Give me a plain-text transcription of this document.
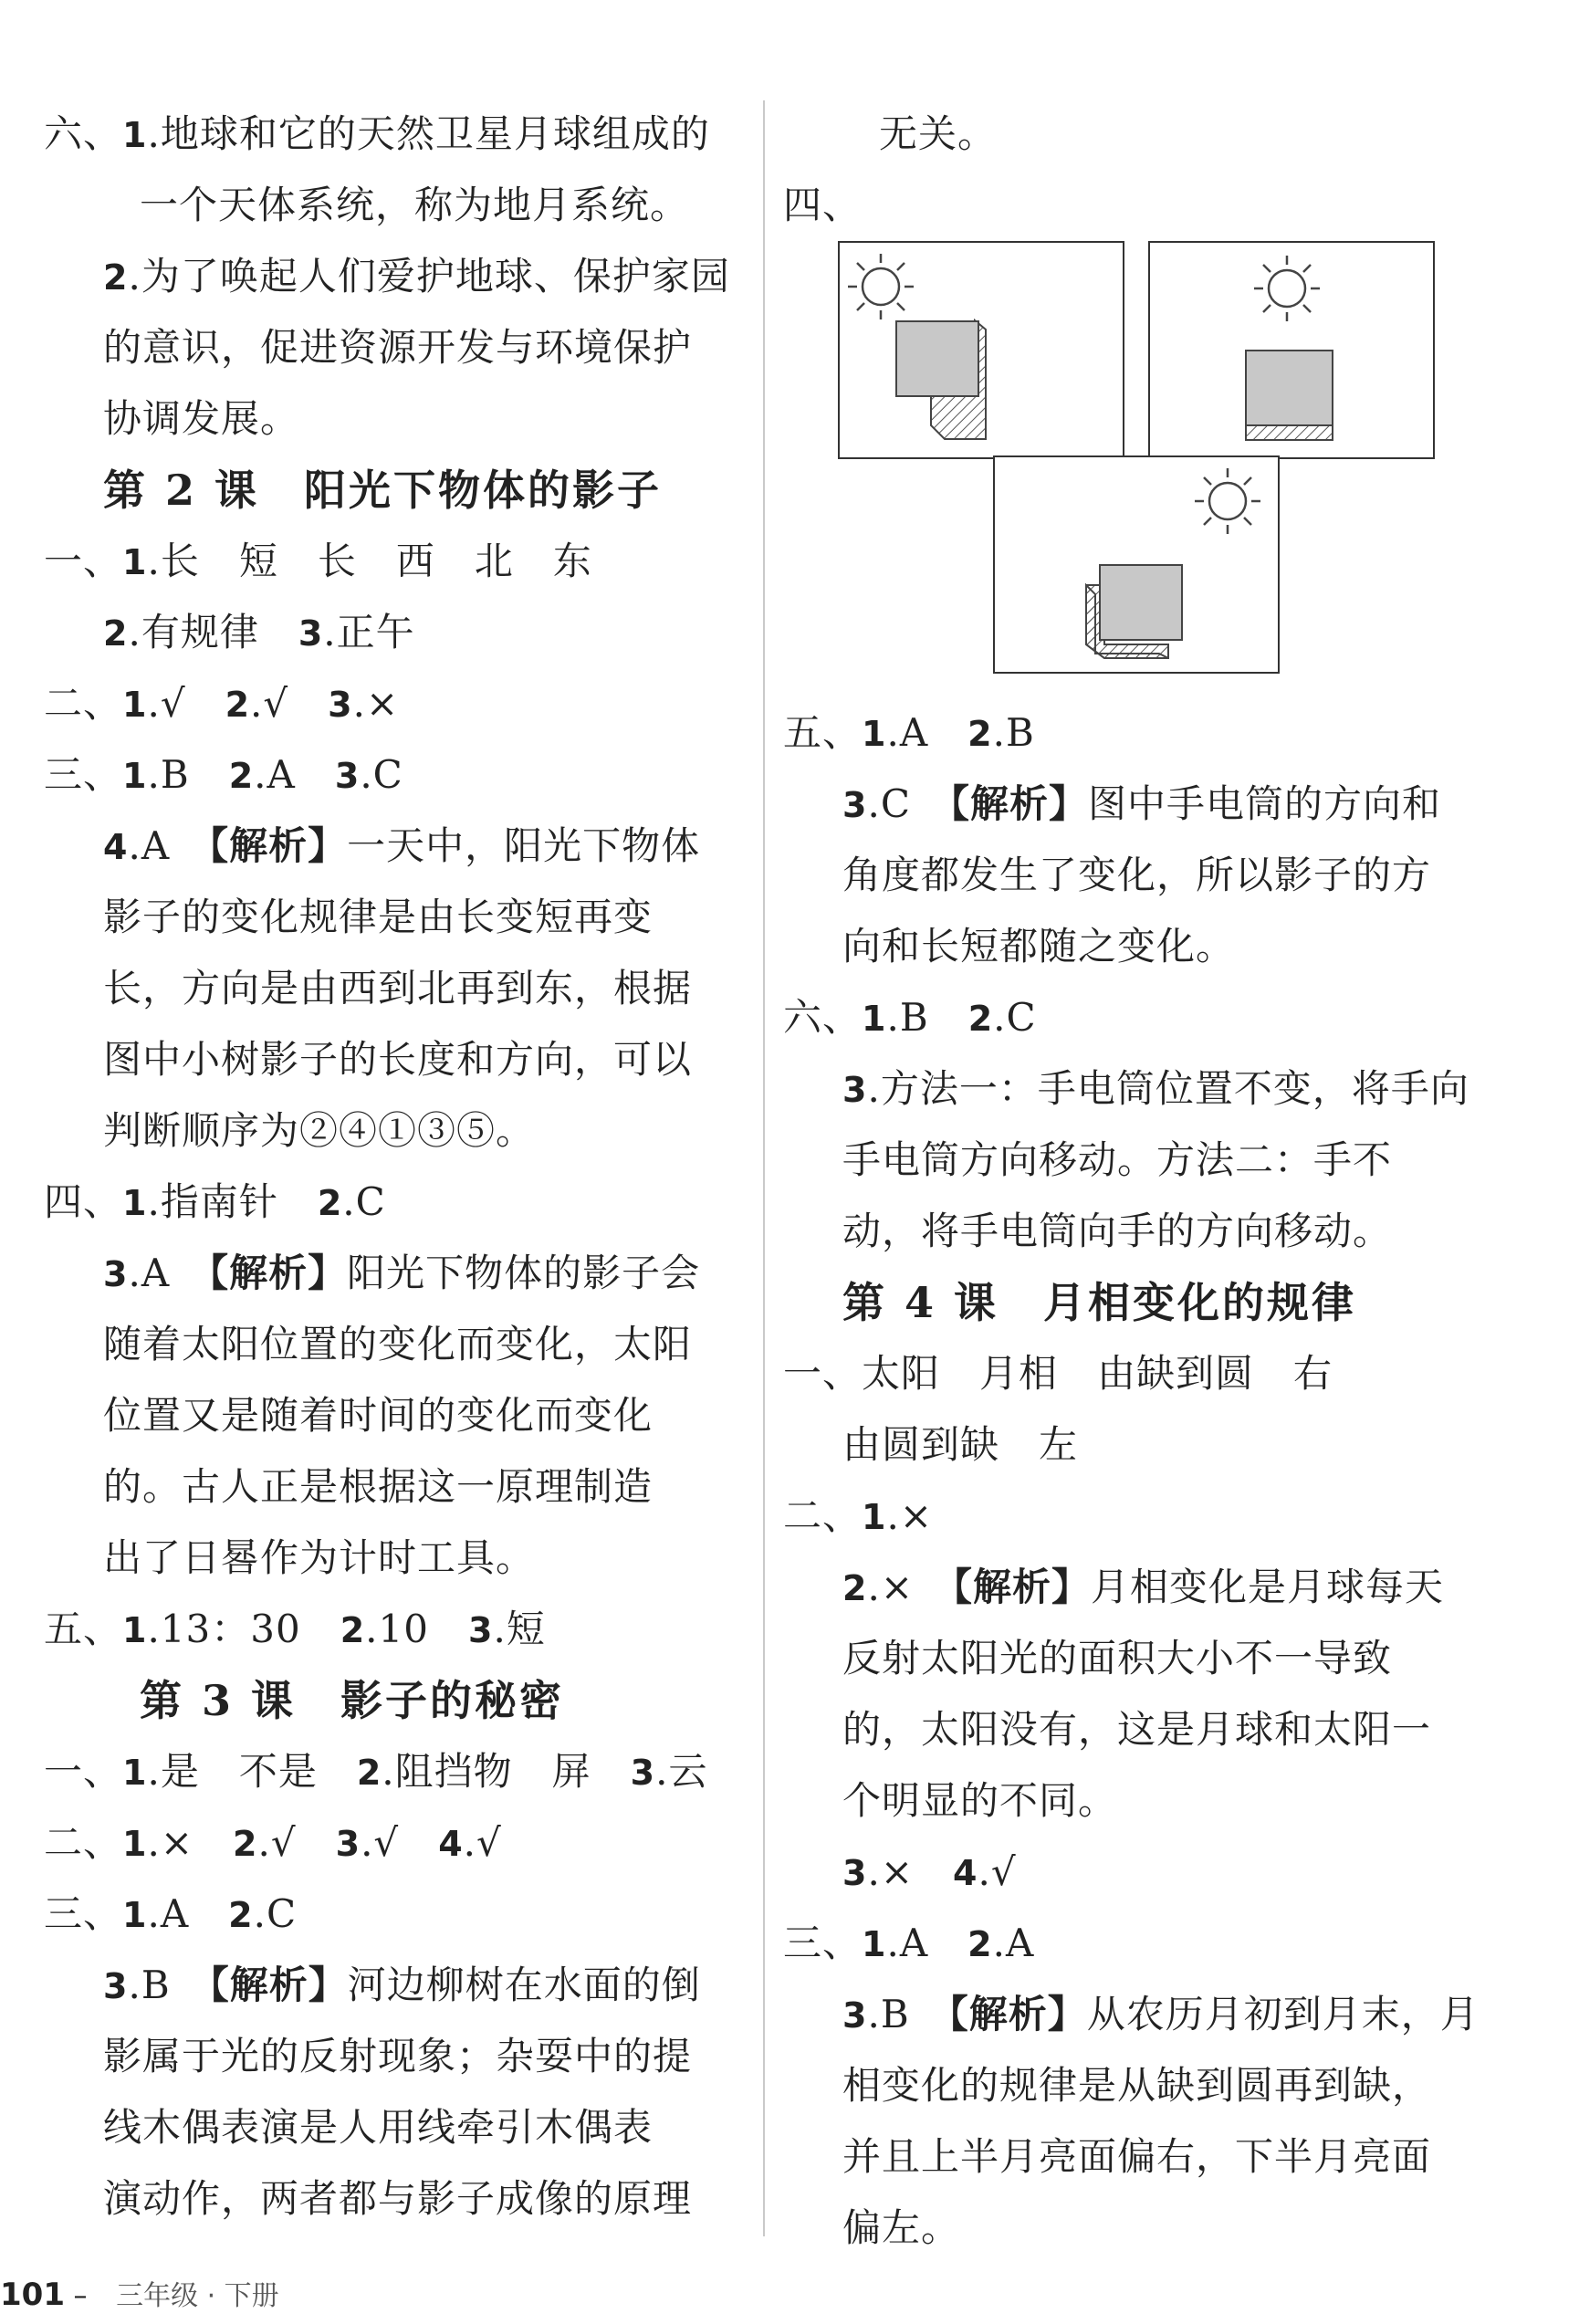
六、1.地球和它的天然卫星月球组成的
一个天体系统，称为地月系统。
2.为了唤起人们爱护地球、保护家园
的意识，促进资源开发与环境保护
协调发展。
第 2 课　阳光下物体的影子
一、1.长　短　长　西　北　东
2.有规律　3.正午
二、1.√　2.√　3.×
三、1.B　2.A　3.C
4.A　【解析】一天中，阳光下物体
影子的变化规律是由长变短再变
长，方向是由西到北再到东，根据
图中小树影子的长度和方向，可以
判断顺序为②④①③⑤。
四、1.指南针　2.C
3.A　【解析】阳光下物体的影子会
随着太阳位置的变化而变化，太阳
位置又是随着时间的变化而变化
的。古人正是根据这一原理制造
出了日晷作为计时工具。
五、1.13：30　2.10　3.短
第 3 课　影子的秘密
一、1.是　不是　2.阻挡物　屏　3.云
二、1.×　2.√　3.√　4.√
三、1.A　2.C
3.B　【解析】河边柳树在水面的倒
影属于光的反射现象；杂耍中的提
线木偶表演是人用线牵引木偶表
演动作，两者都与影子成像的原理
无关。
四、
五、1.A　2.B
3.C　【解析】图中手电筒的方向和
角度都发生了变化，所以影子的方
向和长短都随之变化。
六、1.B　2.C
3.方法一：手电筒位置不变，将手向
手电筒方向移动。方法二：手不
动，将手电筒向手的方向移动。
第 4 课　月相变化的规律
一、太阳　月相　由缺到圆　右
由圆到缺　左
二、1.×
2.×　【解析】月相变化是月球每天
反射太阳光的面积大小不一导致
的，太阳没有，这是月球和太阳一
个明显的不同。
3.×　4.√
三、1.A　2.A
3.B　【解析】从农历月初到月末，月
相变化的规律是从缺到圆再到缺，
并且上半月亮面偏右，下半月亮面
偏左。
101 – 三年级 · 下册
